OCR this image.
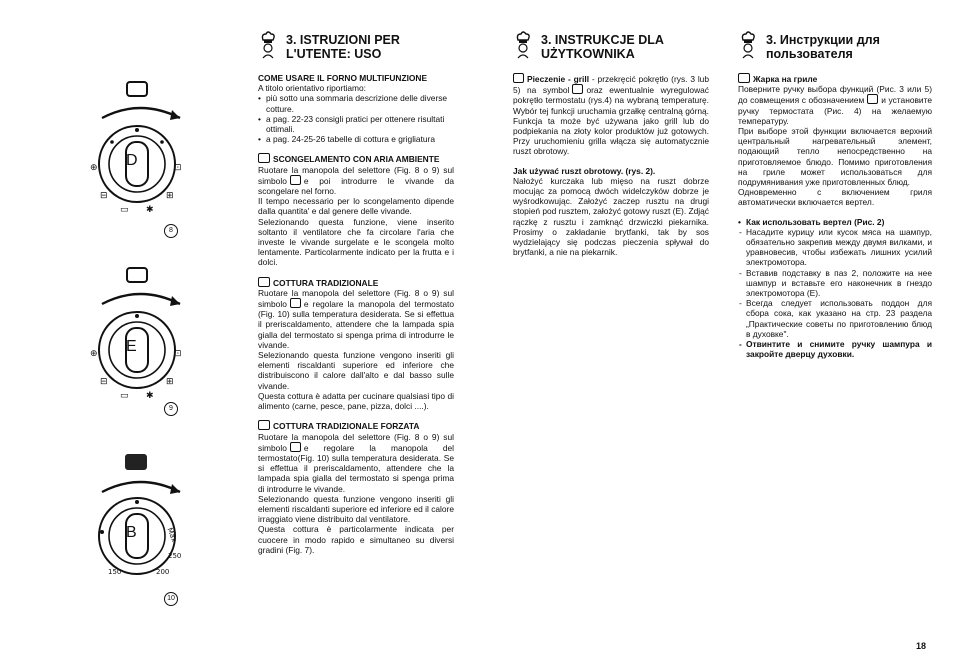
⊕	⊡
⊟	⊞
▭ ✱
8
D
⊕	⊡
⊟	⊞
▭ ✱
9
E
Max
250
200
150
10
B
3. ISTRUZIONI PER
L'UTENTE: USO

COME USARE IL FORNO MULTIFUNZIONE

A titolo orientativo riportiamo:

• più sotto una sommaria descrizione delle diverse cotture.
• a pag. 22-23 consigli pratici per ottenere risultati ottimali.
• a pag. 24-25-26 tabelle di cottura e grigliatura

SCONGELAMENTO CON ARIA AMBIENTE

Ruotare la manopola del selettore (Fig. 8 o 9) sul simbolo e poi introdurre le vivande da scongelare nel forno.

Il tempo necessario per lo scongelamento dipende dalla quantita' e dal genere delle vivande.

Selezionando questa funzione, viene inserito soltanto il ventilatore che fa circolare l'aria che investe le vivande surgelate e le scongela molto lentamente. Particolarmente indicato per la frutta e i dolci.

COTTURA TRADIZIONALE

Ruotare la manopola del selettore (Fig. 8 o 9) sul simbolo e regolare la manopola del termostato (Fig. 10) sulla temperatura desiderata. Se si effettua il preriscaldamento, attendere che la lampada spia gialla del termostato si spenga prima di introdurre le vivande.

Selezionando questa funzione vengono inseriti gli elementi riscaldanti superiore ed inferiore che distribuiscono il calore dall'alto e dal basso sulle vivande.

Questa cottura è adatta per cucinare qualsiasi tipo di alimento (carne, pesce, pane, pizza, dolci ....).

COTTURA TRADIZIONALE FORZATA

Ruotare la manopola del selettore (Fig. 8 o 9) sul simbolo e regolare la manopola del termostato(Fig. 10) sulla temperatura desiderata. Se si effettua il preriscaldamento, attendere che la lampada spia gialla del termostato si spenga prima di introdurre le vivande.

Selezionando questa funzione vengono inseriti gli elementi riscaldanti superiore ed inferiore ed il calore irraggiato viene distribuito dal ventilatore.

Questa cottura è particolarmente indicata per cuocere in modo rapido e simultaneo su diversi gradini (Fig. 7).

3. INSTRUKCJE DLA
UŻYTKOWNIKA

Pieczenie - grill - przekręcić pokrętło (rys. 3 lub 5) na symbol oraz ewentualnie wyregulować pokrętło termostatu (rys.4) na wybraną temperaturę. Wybór tej funkcji uruchamia grzałkę centralną górną. Funkcja ta może być używana jako grill lub do podpiekania na złoty kolor produktów już gotowych. Przy uruchomieniu grilla włącza się automatycznie ruszt obrotowy.

Jak używać ruszt obrotowy. (rys. 2).

Nałożyć kurczaka lub mięso na ruszt dobrze mocując za pomocą dwóch widelczyków dobrze je wyśrodkowując. Założyć zaczep rusztu na drugi stopień pod rusztem, założyć gotowy ruszt (E). Zdjąć rączkę z rusztu i zamknąć drzwiczki piekarnika. Prosimy o zakładanie brytfanki, tak by sos wydzielający się podczas pieczenia spływał do brytfanki, a nie na piekarnik.

3. Инструкции для
пользователя

Жарка на гриле

Поверните ручку выбора функций (Рис. 3 или 5) до совмещения с обозначением и установите ручку термостата (Рис. 4) на желаемую температуру.

При выборе этой функции включается верхний центральный нагревательный элемент, подающий тепло непосредственно на приготовляемое блюдо. Помимо приготовления на гриле может использоваться для подрумянивания уже приготовленных блюд.

Одновременно с включением гриля автоматически включается вертел.

• Как использовать вертел (Рис. 2)
- Насадите курицу или кусок мяса на шампур, обязательно закрепив между двумя вилками, и уравновесив, чтобы избежать лишних усилий электромотора.
- Вставив подставку в паз 2, положите на нее шампур и вставьте его наконечник в гнездо электромотора (E).
- Всегда следует использовать поддон для сбора сока, как указано на стр. 23 раздела „Практические советы по приготовлению блюд в духовке".
- Отвинтите и снимите ручку шампура и закройте дверцу духовки.
18
